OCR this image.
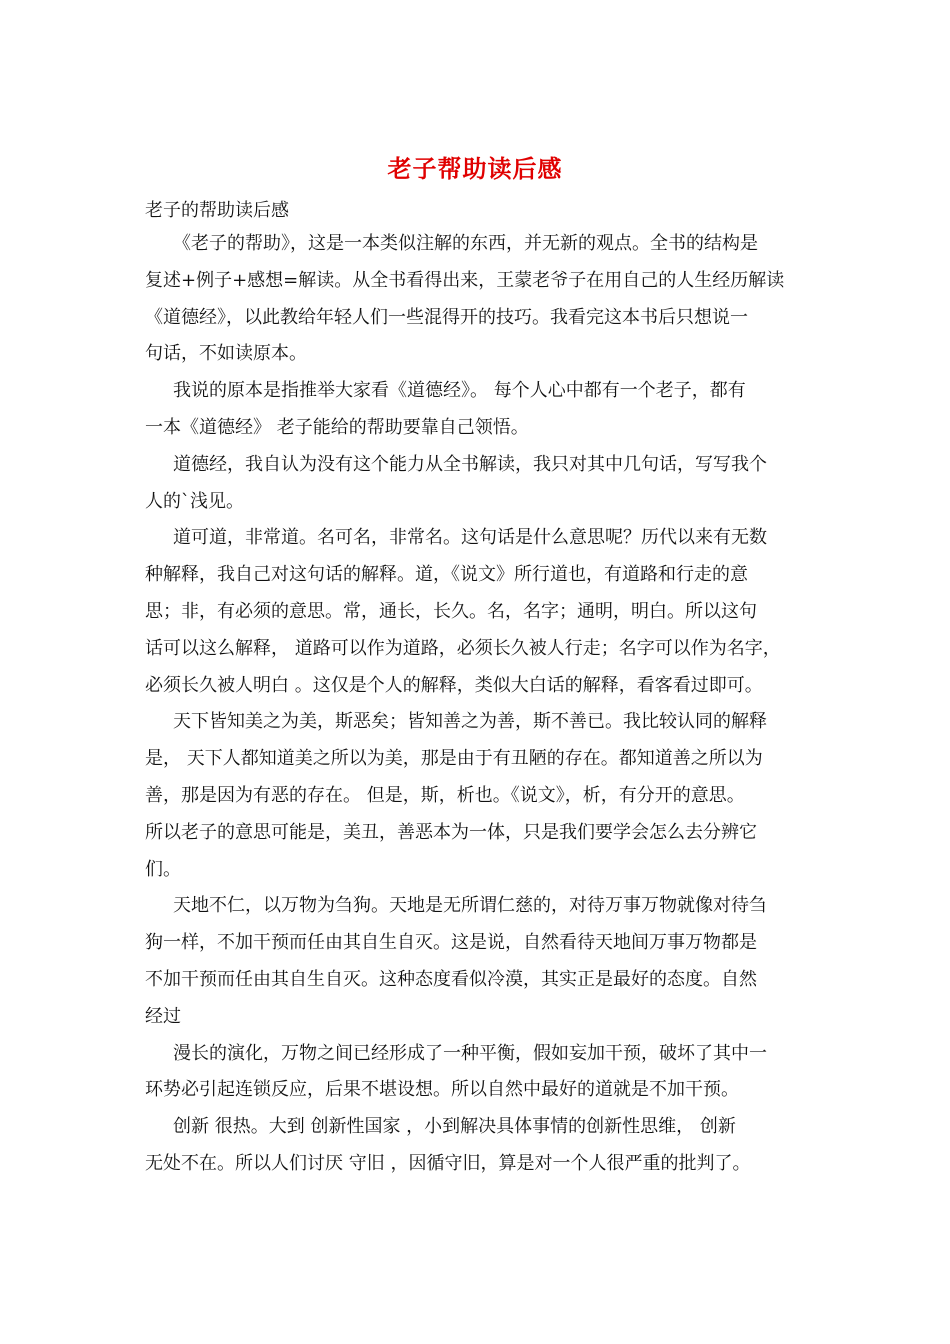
老子帮助读后感
老子的帮助读后感
《老子的帮助》，这是一本类似注解的东西，并无新的观点。全书的结构是
复述+例子+感想=解读。从全书看得出来，王蒙老爷子在用自己的人生经历解读
《道德经》，以此教给年轻人们一些混得开的技巧。我看完这本书后只想说一
句话，不如读原本。
我说的原本是指推举大家看《道德经》。 每个人心中都有一个老子，都有
一本《道德经》 老子能给的帮助要靠自己领悟。
道德经，我自认为没有这个能力从全书解读，我只对其中几句话，写写我个
人的`浅见。
道可道，非常道。名可名，非常名。这句话是什么意思呢？历代以来有无数
种解释，我自己对这句话的解释。道，《说文》所行道也，有道路和行走的意
思；非，有必须的意思。常，通长，长久。名，名字；通明，明白。所以这句
话可以这么解释， 道路可以作为道路，必须长久被人行走；名字可以作为名字，
必须长久被人明白 。这仅是个人的解释，类似大白话的解释，看客看过即可。
天下皆知美之为美，斯恶矣；皆知善之为善，斯不善已。我比较认同的解释
是， 天下人都知道美之所以为美，那是由于有丑陋的存在。都知道善之所以为
善，那是因为有恶的存在。 但是，斯，析也。《说文》，析，有分开的意思。
所以老子的意思可能是，美丑，善恶本为一体，只是我们要学会怎么去分辨它
们。
天地不仁，以万物为刍狗。天地是无所谓仁慈的，对待万事万物就像对待刍
狗一样，不加干预而任由其自生自灭。这是说，自然看待天地间万事万物都是
不加干预而任由其自生自灭。这种态度看似冷漠，其实正是最好的态度。自然
经过
漫长的演化，万物之间已经形成了一种平衡，假如妄加干预，破坏了其中一
环势必引起连锁反应，后果不堪设想。所以自然中最好的道就是不加干预。
创新 很热。大到 创新性国家 ，小到解决具体事情的创新性思维， 创新
无处不在。所以人们讨厌 守旧 ，因循守旧，算是对一个人很严重的批判了。
